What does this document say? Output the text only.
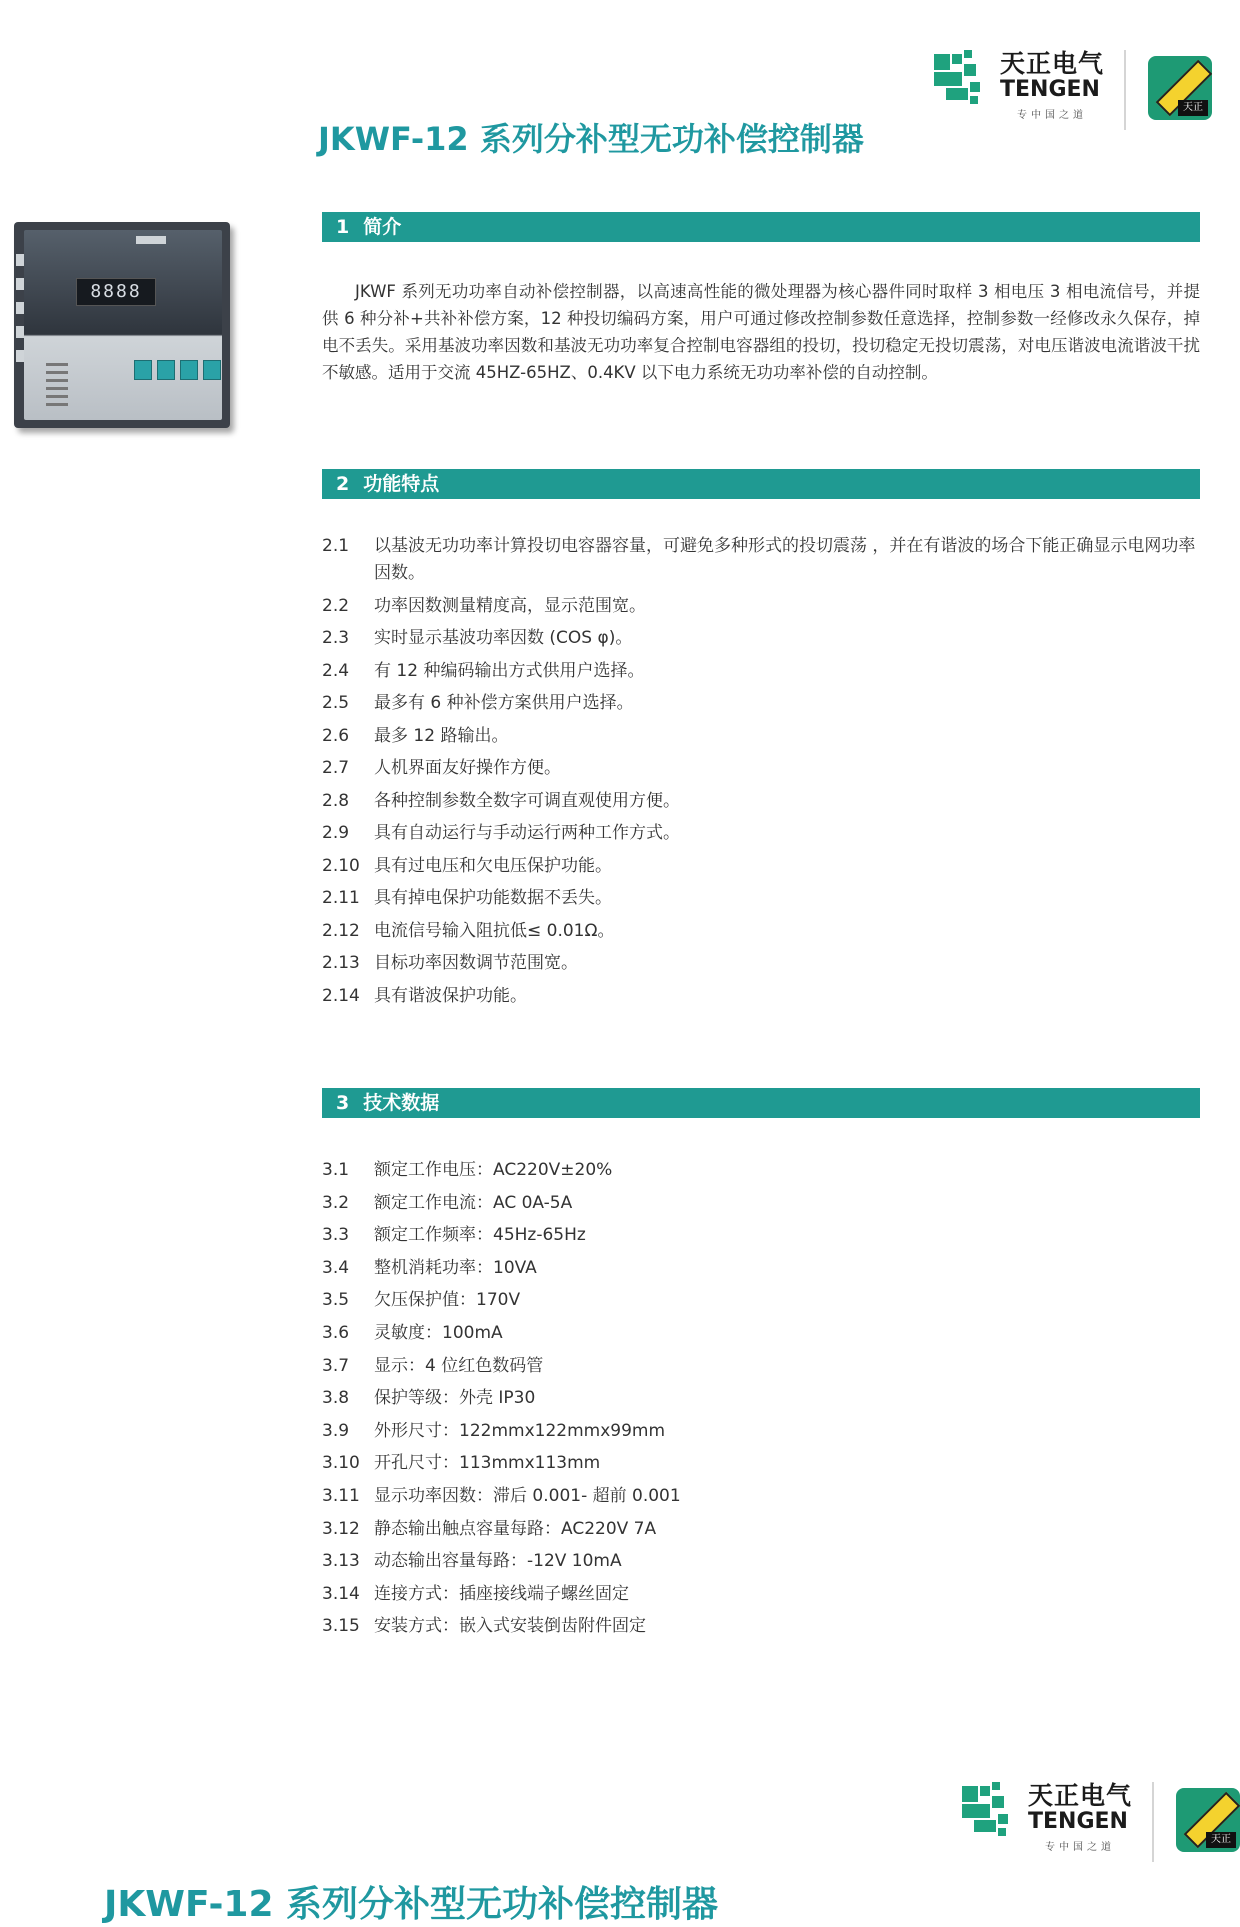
天正电气
TENGEN
专中国之道
天正
JKWF-12 系列分补型无功补偿控制器
8888
1 简介
JKWF 系列无功功率自动补偿控制器，以高速高性能的微处理器为核心器件同时取样 3 相电压 3 相电流信号，并提供 6 种分补+共补补偿方案，12 种投切编码方案，用户可通过修改控制参数任意选择，控制参数一经修改永久保存，掉电不丢失。采用基波功率因数和基波无功功率复合控制电容器组的投切，投切稳定无投切震荡，对电压谐波电流谐波干扰不敏感。适用于交流 45HZ-65HZ、0.4KV 以下电力系统无功功率补偿的自动控制。
2 功能特点
2.1	以基波无功功率计算投切电容器容量，可避免多种形式的投切震荡 ，并在有谐波的场合下能正确显示电网功率因数。
2.2	功率因数测量精度高，显示范围宽。
2.3	实时显示基波功率因数 (COS φ)。
2.4	有 12 种编码输出方式供用户选择。
2.5	最多有 6 种补偿方案供用户选择。
2.6	最多 12 路输出。
2.7	人机界面友好操作方便。
2.8	各种控制参数全数字可调直观使用方便。
2.9	具有自动运行与手动运行两种工作方式。
2.10 具有过电压和欠电压保护功能。
2.11 具有掉电保护功能数据不丢失。
2.12 电流信号输入阻抗低≤ 0.01Ω。
2.13 目标功率因数调节范围宽。
2.14 具有谐波保护功能。
3 技术数据
3.1	额定工作电压：AC220V±20%
3.2	额定工作电流：AC 0A-5A
3.3	额定工作频率：45Hz-65Hz
3.4	整机消耗功率：10VA
3.5	欠压保护值：170V
3.6	灵敏度：100mA
3.7	显示：4 位红色数码管
3.8	保护等级：外壳 IP30
3.9	外形尺寸：122mmx122mmx99mm
3.10 开孔尺寸：113mmx113mm
3.11 显示功率因数：滞后 0.001- 超前 0.001
3.12 静态输出触点容量每路：AC220V 7A
3.13 动态输出容量每路：-12V 10mA
3.14 连接方式：插座接线端子螺丝固定
3.15 安装方式：嵌入式安装倒齿附件固定
天正电气
TENGEN
专中国之道
天正
JKWF-12 系列分补型无功补偿控制器
